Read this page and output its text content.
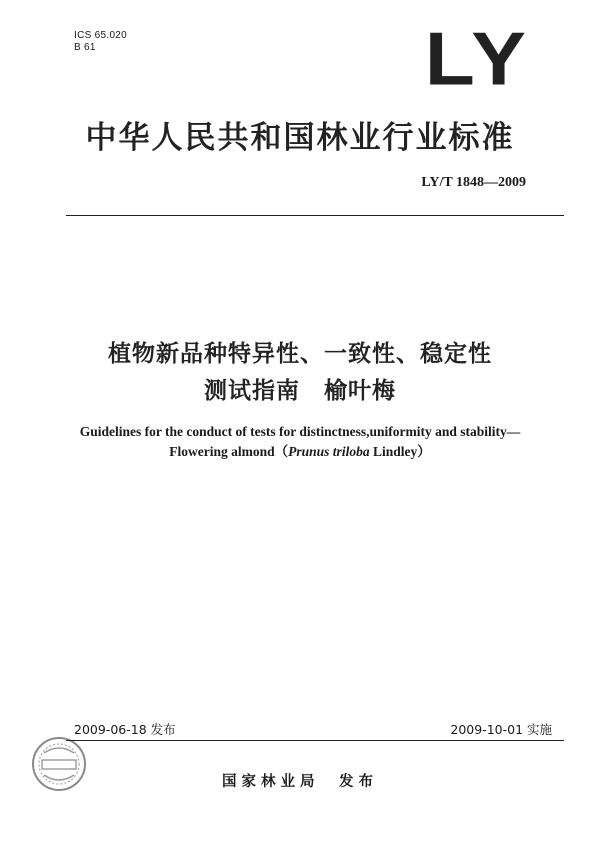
ICS 65.020
B 61	LY
中华人民共和国林业行业标准
LY/T 1848—2009
植物新品种特异性、一致性、稳定性
测试指南　榆叶梅
Guidelines for the conduct of tests for distinctness,uniformity and stability—
Flowering almond（Prunus triloba Lindley）
2009-06-18 发布	2009-10-01 实施
国家林业局　发布
